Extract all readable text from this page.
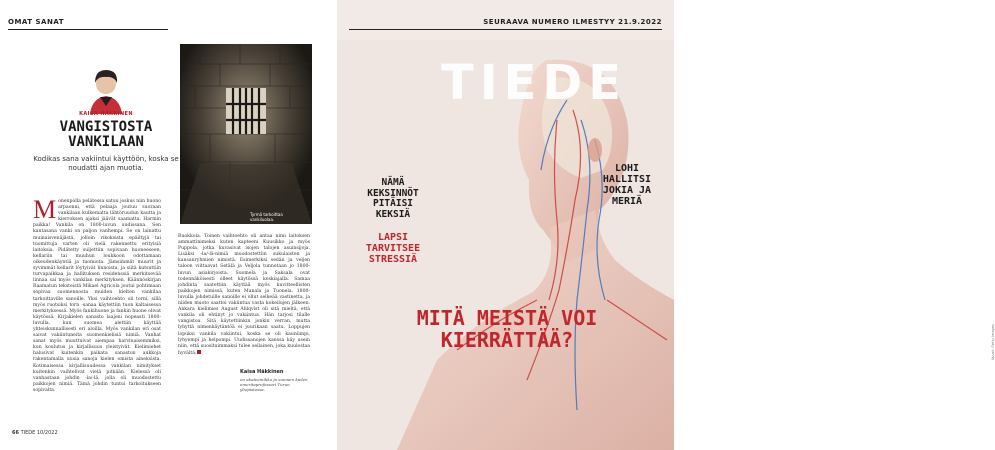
OMAT SANAT
KAISA HÄKKINEN
VANGISTOSTA VANKILAAN
Kodikas sana vakiintui käyttöön, koska se noudatti ajan muotia.
M onenpolla pelätessa satuu joskus niin huono arpaonni, että pelaaja joutuu suoraan vankilaan kulkematta lähtöruudun kautta ja kierroksen ajaksi jäävät saamatta. Harmin paikka! Vankila on 1800-luvun uudissana. Sen kantasana vanki on paljon vanhempi. Se on lainattu muinaisvenäjästä, jolloin rikoksista epäiltyjä tai tuomittuja varten oli vielä rakennettu erityisiä laitoksia. Pidätetty suljettiin sopivaan huoneeseen, kellariin tai muuhun loukkoon odottamaan oikeudenkäyntiä ja tuomiota. Jämsimmät muurit ja syvimmät kellarit löytyivät linnoista, ja siitä kutsuttiin turvapaikkaa ja hallituksen residenssiä merkitsevää linnaa sai myös vankilan merkityksen. Käännöskirjan Raamatun teksteistä Mikael Agricola joutui pohtimaan sopivaa suomennosta muiden kielten vankilaa tarkoittaville sanoille. Yksi vaihtoehto oli torni, sillä myös ruotsiksi torn -sanaa käytettiin tuon kaltaisessa merkityksessä. Myös fankihuone ja fankin huone olivat käytössä. Kirjakielen sanasto laajeni nopeasti 1800-luvulla, kun suomea alettiin käyttää yhteiskunnallisesti eri aloilla. Myös vankilan eri osat saivat vakiintuneita suomenkielisiä nimiä. Vanhat sanat myös muuttuivat aiempaa harvinaisemmiksi, kun koulutus ja kirjallisuus yleistyivät. Kielimiehet halusivat kuitenkin paikata sanaston aukkoja rakentamalla uusia sanoja kielen omista aineksista. Kotimaisessa kirjallisuudessa vankilan nimitykset kuitenkin vaihtelivat vielä pitkään. Kielessä oli vanhastaan johdin -la/-lä, jolla oli muodostettu paikkojen nimiä. Tämä johdin tuntui tarkoitukseen sopivalta.
66 TIEDE 10/2022
Tyrmä tarkoittaa vankiluolaa.
Ruokkola. Toinen vaihtoehto oli antaa nimi laitoksen ammattinimeksi kuten kapteeni Kuusikko ja myös Puppola, jotka kuvasivat isojen talojen asuinsijoja. Lisäksi -la/-lä-nimiä muodostettiin sukulaisten ja kansanryhmien nimistä. Esimerkiksi sedän ja veljen taloon viittaavat Setälä ja Veljola tunnetaan jo 1800-luvun asiakirjoista. Suomela ja Saksala ovat todennäköisesti olleet käytössä keskiajalla. Samaa johdinta saatettiin käyttää myös kuvitteellisten paikkojen nimissä, kuten Manala ja Tuonela. 1800-luvulla johdetuille sanoille ei ollut selkeää vastinetta, ja niiden muoto saattoi vakiintua vasta kokeilujen jälkeen. Ankara kielimies August Ahlqvist oli sitä mieltä, että vankila oli ehtinyt jo vakiintua. Hän tarjosi tilalle vangistoa. Sitä käytettiinkin jonkin verran, mutta lyhyttä nimenkäytäntöä ei juurikaan saatu. Loppujen lopuksi vankila vakiintui, koska se oli kauniimpi, lyhyempi ja helpompi. Uudissanojen kanssa käy usein niin, että suosituimmaksi tulee sellainen, joka kuulostaa hyvältä.
Kaisa Häkkinen
on akateemikko ja suomen kielen emeritaprofessori Turun yliopistossa.
SEURAAVA NUMERO ILMESTYY 21.9.2022
Kuvat: Getty Images
TIEDE
LOHI HALLITSI JOKIA JA MERIÄ
NÄMÄ KEKSINNÖT PITÄISI KEKSIÄ
LAPSI TARVITSEE STRESSIÄ
MITÄ MEISTÄ VOI KIERRÄTTÄÄ?
